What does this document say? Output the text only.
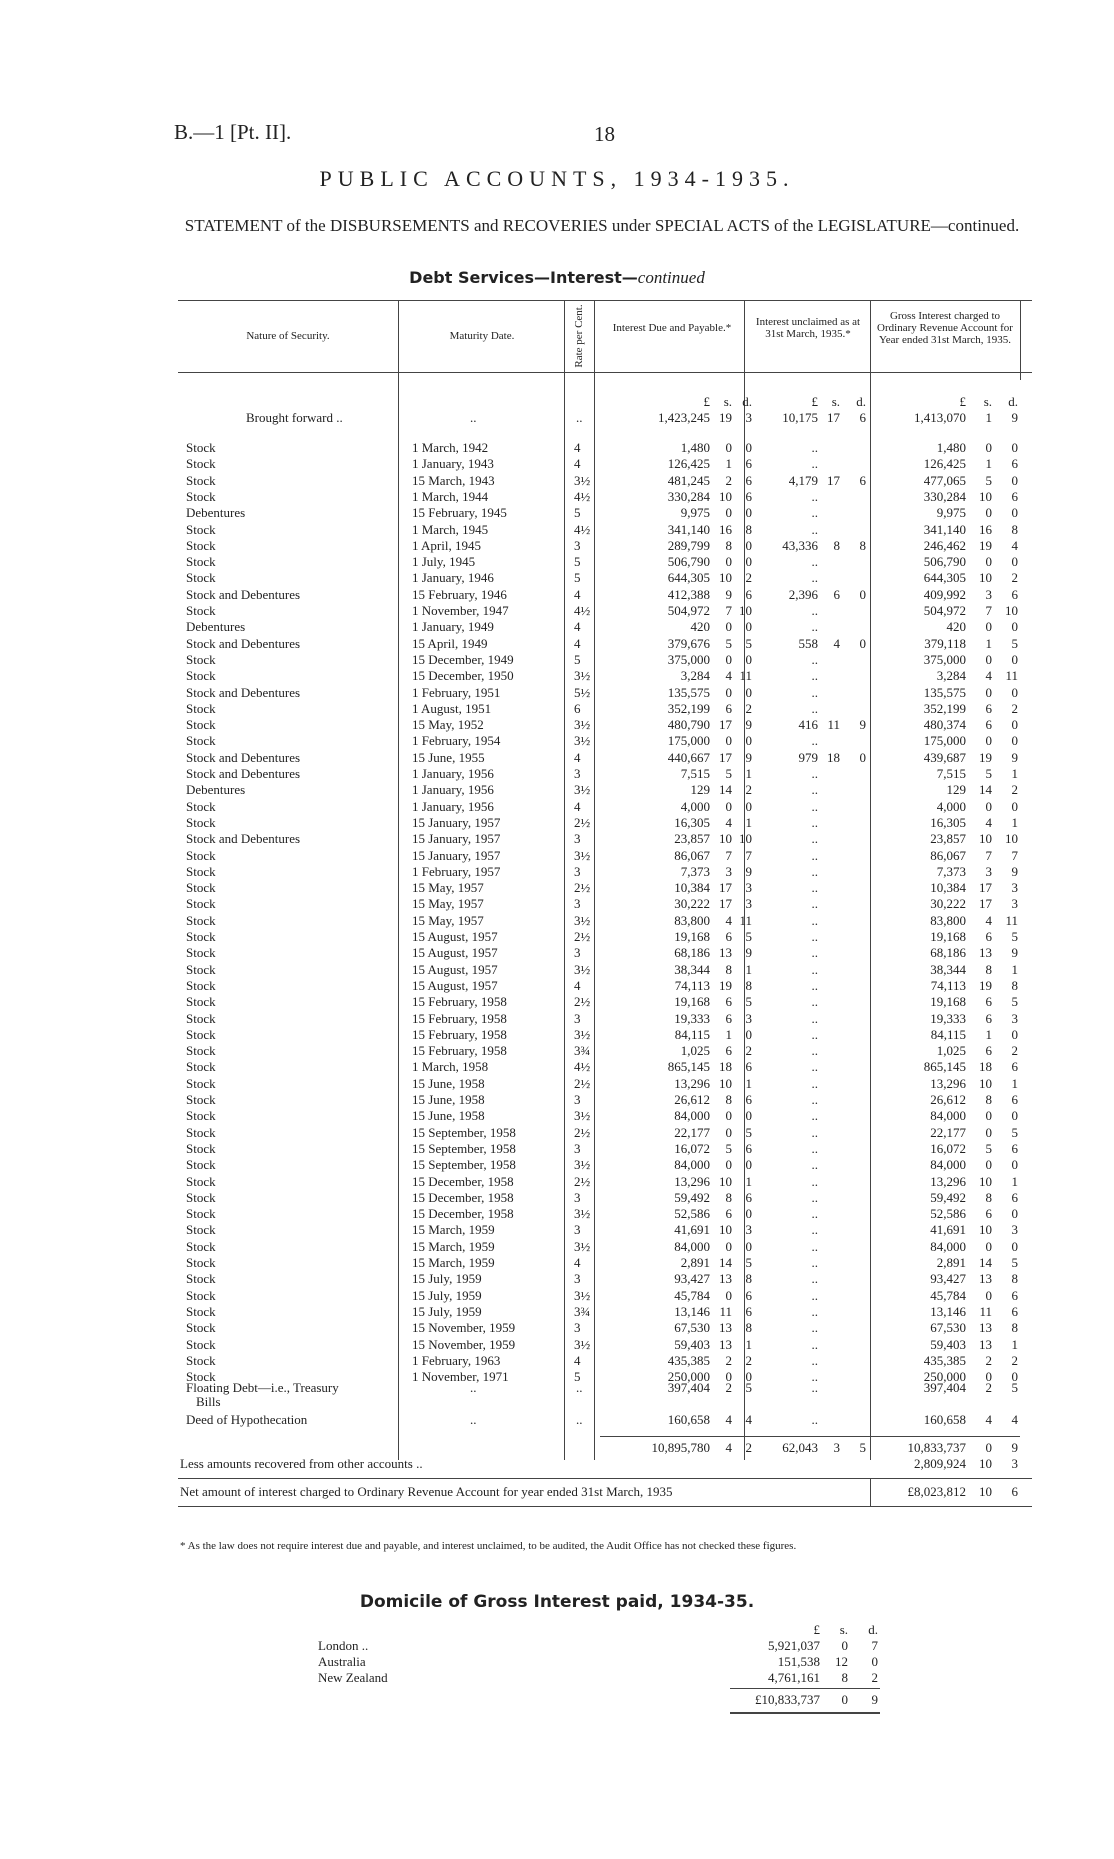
B.—1 [Pt. II].	18
PUBLIC ACCOUNTS, 1934-1935.
STATEMENT of the DISBURSEMENTS and RECOVERIES under SPECIAL ACTS of the LEGISLATURE—continued.
Debt Services—Interest—continued
Nature of Security.	Maturity Date.	Rate per Cent.	Interest Due and Payable.*	Interest unclaimed as at 31st March, 1935.*
Gross Interest charged to Ordinary Revenue Account for Year ended 31st March, 1935.
£	s. d.	£	s.	d.	£	s.	d.
Brought forward ..	..	..	1,423,245 19	3	10,175 17	6	1,413,070	1	9
Stock	1 March, 1942	4	1,480	0	0	..	1,480	0	0
Stock	1 January, 1943	4	126,425	1	6	..	126,425	1	6
Stock	15 March, 1943	3½	481,245	2	6	4,179 17	6	477,065	5	0
Stock	1 March, 1944	4½	330,284 10	6	..	330,284	10	6
Debentures	15 February, 1945	5	9,975	0	0	..	9,975	0	0
Stock	1 March, 1945	4½	341,140 16	8	..	341,140	16	8
Stock	1 April, 1945	3	289,799	8	0	43,336	8	8	246,462	19	4
Stock	1 July, 1945	5	506,790	0	0	..	506,790	0	0
Stock	1 January, 1946	5	644,305 10	2	..	644,305	10	2
Stock and Debentures	15 February, 1946	4	412,388	9	6	2,396	6	0	409,992	3	6
Stock	1 November, 1947	4½	504,972	7 10	..	504,972	7	10
Debentures	1 January, 1949	4	420	0	0	..	420	0	0
Stock and Debentures	15 April, 1949	4	379,676	5	5	558	4	0	379,118	1	5
Stock	15 December, 1949	5	375,000	0	0	..	375,000	0	0
Stock	15 December, 1950	3½	3,284	4 11	..	3,284	4	11
Stock and Debentures	1 February, 1951	5½	135,575	0	0	..	135,575	0	0
Stock	1 August, 1951	6	352,199	6	2	..	352,199	6	2
Stock	15 May, 1952	3½	480,790 17	9	416 11	9	480,374	6	0
Stock	1 February, 1954	3½	175,000	0	0	..	175,000	0	0
Stock and Debentures	15 June, 1955	4	440,667 17	9	979 18	0	439,687	19	9
Stock and Debentures	1 January, 1956	3	7,515	5	1	..	7,515	5	1
Debentures	1 January, 1956	3½	129 14	2	..	129	14	2
Stock	1 January, 1956	4	4,000	0	0	..	4,000	0	0
Stock	15 January, 1957	2½	16,305	4	1	..	16,305	4	1
Stock and Debentures	15 January, 1957	3	23,857 10 10	..	23,857	10	10
Stock	15 January, 1957	3½	86,067	7	7	..	86,067	7	7
Stock	1 February, 1957	3	7,373	3	9	..	7,373	3	9
Stock	15 May, 1957	2½	10,384 17	3	..	10,384	17	3
Stock	15 May, 1957	3	30,222 17	3	..	30,222	17	3
Stock	15 May, 1957	3½	83,800	4 11	..	83,800	4	11
Stock	15 August, 1957	2½	19,168	6	5	..	19,168	6	5
Stock	15 August, 1957	3	68,186 13	9	..	68,186	13	9
Stock	15 August, 1957	3½	38,344	8	1	..	38,344	8	1
Stock	15 August, 1957	4	74,113 19	8	..	74,113	19	8
Stock	15 February, 1958	2½	19,168	6	5	..	19,168	6	5
Stock	15 February, 1958	3	19,333	6	3	..	19,333	6	3
Stock	15 February, 1958	3½	84,115	1	0	..	84,115	1	0
Stock	15 February, 1958	3¾	1,025	6	2	..	1,025	6	2
Stock	1 March, 1958	4½	865,145 18	6	..	865,145	18	6
Stock	15 June, 1958	2½	13,296 10	1	..	13,296	10	1
Stock	15 June, 1958	3	26,612	8	6	..	26,612	8	6
Stock	15 June, 1958	3½	84,000	0	0	..	84,000	0	0
Stock	15 September, 1958	2½	22,177	0	5	..	22,177	0	5
Stock	15 September, 1958	3	16,072	5	6	..	16,072	5	6
Stock	15 September, 1958	3½	84,000	0	0	..	84,000	0	0
Stock	15 December, 1958	2½	13,296 10	1	..	13,296	10	1
Stock	15 December, 1958	3	59,492	8	6	..	59,492	8	6
Stock	15 December, 1958	3½	52,586	6	0	..	52,586	6	0
Stock	15 March, 1959	3	41,691 10	3	..	41,691	10	3
Stock	15 March, 1959	3½	84,000	0	0	..	84,000	0	0
Stock	15 March, 1959	4	2,891 14	5	..	2,891	14	5
Stock	15 July, 1959	3	93,427 13	8	..	93,427	13	8
Stock	15 July, 1959	3½	45,784	0	6	..	45,784	0	6
Stock	15 July, 1959	3¾	13,146 11	6	..	13,146	11	6
Stock	15 November, 1959	3	67,530 13	8	..	67,530	13	8
Stock	15 November, 1959	3½	59,403 13	1	..	59,403	13	1
Stock	1 February, 1963	4	435,385	2	2	..	435,385	2	2
Stock	1 November, 1971	5	250,000	0	0	..	250,000	0	0
Floating Debt—i.e., Treasury	..	..	397,404	2	5	..	397,404	2	5
Bills
Deed of Hypothecation	..	..	160,658	4	4	..	160,658	4	4
10,895,780	4	2	62,043	3	5	10,833,737	0	9
Less amounts recovered from other accounts ..	2,809,924	10	3
Net amount of interest charged to Ordinary Revenue Account for year ended 31st March, 1935	£8,023,812	10	6
* As the law does not require interest due and payable, and interest unclaimed, to be audited, the Audit Office has not checked these figures.
Domicile of Gross Interest paid, 1934-35.
£	s.	d.
London ..	5,921,037	0	7
Australia	151,538	12	0
New Zealand	4,761,161	8	2
£10,833,737	0	9
